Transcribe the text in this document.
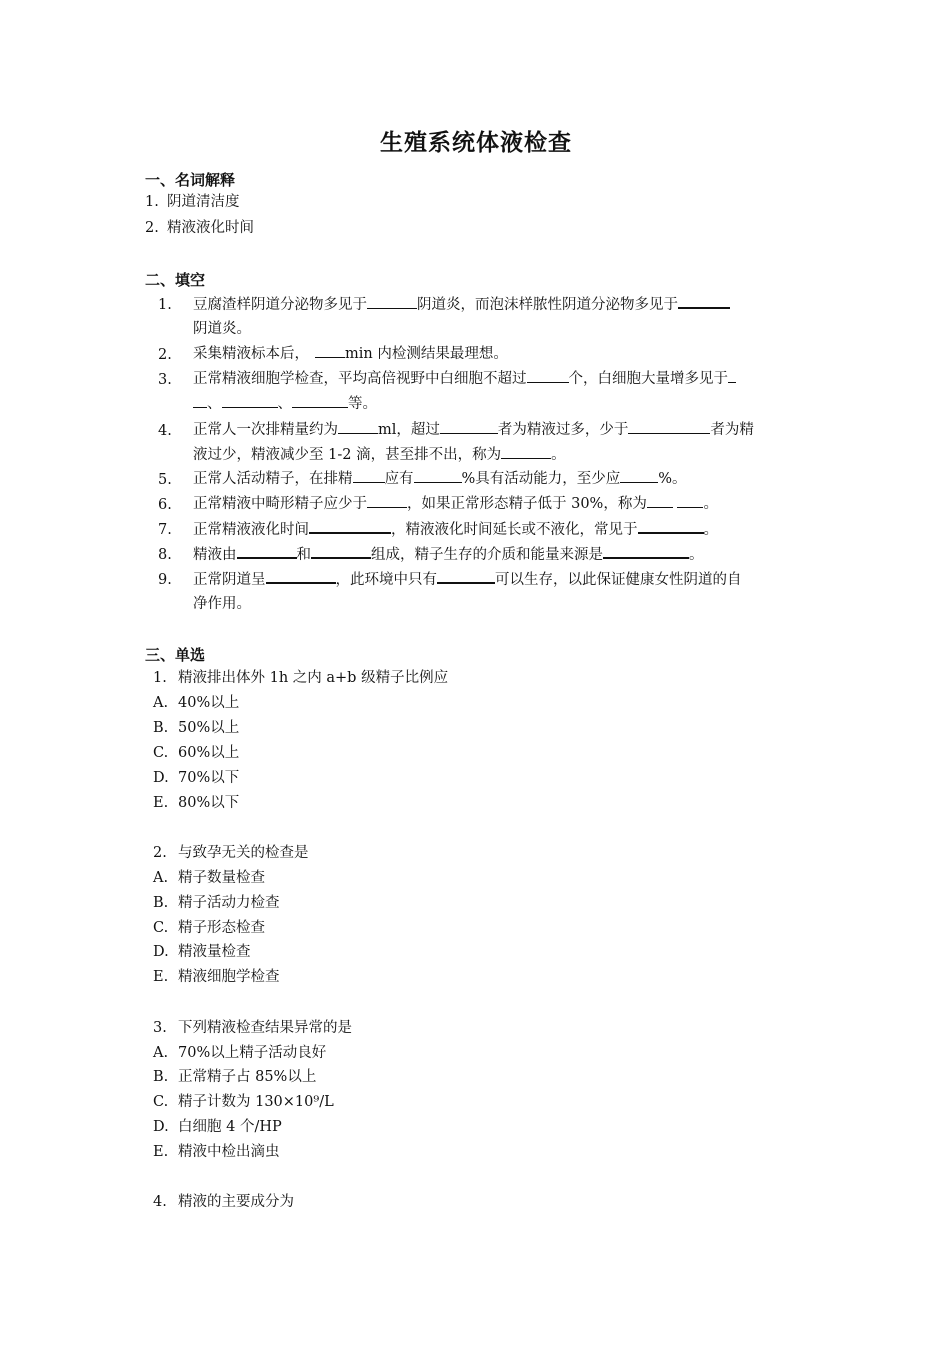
生殖系统体液检查
一、名词解释
1. 阴道清洁度
2. 精液液化时间
二、填空
1. 豆腐渣样阴道分泌物多见于	阴道炎，而泡沫样脓性阴道分泌物多见于
阴道炎。
2. 采集精液标本后， min 内检测结果最理想。
3. 正常精液细胞学检查，平均高倍视野中白细胞不超过	个，白细胞大量增多见于
、	、	等。
4. 正常人一次排精量约为	ml，超过	者为精液过多，少于	者为精
液过少，精液减少至 1-2 滴，甚至排不出，称为	。
5. 正常人活动精子，在排精 应有	%具有活动能力，至少应	%。
6. 正常精液中畸形精子应少于	，如果正常形态精子低于 30%，称为	。
7. 正常精液液化时间	，精液液化时间延长或不液化，常见于	。
8. 精液由	和	组成，精子生存的介质和能量来源是	。
9. 正常阴道呈	，此环境中只有	可以生存，以此保证健康女性阴道的自
净作用。
三、单选
1. 精液排出体外 1h 之内 a+b 级精子比例应
A. 40%以上
B. 50%以上
C. 60%以上
D. 70%以下
E. 80%以下
2. 与致孕无关的检查是
A. 精子数量检查
B. 精子活动力检查
C. 精子形态检查
D. 精液量检查
E. 精液细胞学检查
3. 下列精液检查结果异常的是
A. 70%以上精子活动良好
B. 正常精子占 85%以上
C. 精子计数为 130×10⁹/L
D. 白细胞 4 个/HP
E. 精液中检出滴虫
4. 精液的主要成分为
